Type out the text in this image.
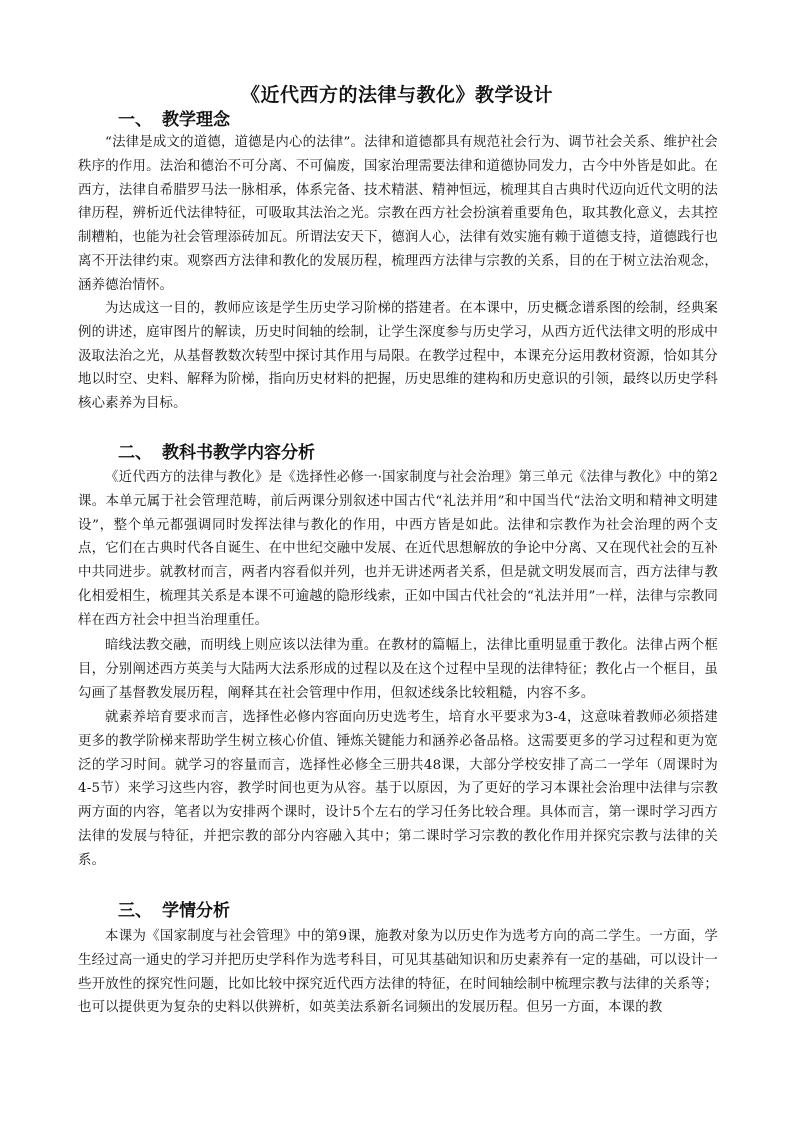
《近代西方的法律与教化》教学设计
一、 教学理念

“法律是成文的道德，道德是内心的法律”。法律和道德都具有规范社会行为、调节社会关系、维护社会秩序的作用。法治和德治不可分离、不可偏废，国家治理需要法律和道德协同发力，古今中外皆是如此。在西方，法律自希腊罗马法一脉相承，体系完备、技术精湛、精神恒远，梳理其自古典时代迈向近代文明的法律历程，辨析近代法律特征，可吸取其法治之光。宗教在西方社会扮演着重要角色，取其教化意义，去其控制糟粕，也能为社会管理添砖加瓦。所谓法安天下，德润人心，法律有效实施有赖于道德支持，道德践行也离不开法律约束。观察西方法律和教化的发展历程，梳理西方法律与宗教的关系，目的在于树立法治观念，涵养德治情怀。

为达成这一目的，教师应该是学生历史学习阶梯的搭建者。在本课中，历史概念谱系图的绘制，经典案例的讲述，庭审图片的解读，历史时间轴的绘制，让学生深度参与历史学习，从西方近代法律文明的形成中汲取法治之光，从基督教数次转型中探讨其作用与局限。在教学过程中，本课充分运用教材资源，恰如其分地以时空、史料、解释为阶梯，指向历史材料的把握，历史思维的建构和历史意识的引领，最终以历史学科核心素养为目标。

二、 教科书教学内容分析

《近代西方的法律与教化》是《选择性必修一·国家制度与社会治理》第三单元《法律与教化》中的第2课。本单元属于社会管理范畴，前后两课分别叙述中国古代“礼法并用”和中国当代“法治文明和精神文明建设”，整个单元都强调同时发挥法律与教化的作用，中西方皆是如此。法律和宗教作为社会治理的两个支点，它们在古典时代各自诞生、在中世纪交融中发展、在近代思想解放的争论中分离、又在现代社会的互补中共同进步。就教材而言，两者内容看似并列，也并无讲述两者关系，但是就文明发展而言，西方法律与教化相爱相生，梳理其关系是本课不可逾越的隐形线索，正如中国古代社会的“礼法并用”一样，法律与宗教同样在西方社会中担当治理重任。

暗线法教交融，而明线上则应该以法律为重。在教材的篇幅上，法律比重明显重于教化。法律占两个框目，分别阐述西方英美与大陆两大法系形成的过程以及在这个过程中呈现的法律特征；教化占一个框目，虽勾画了基督教发展历程，阐释其在社会管理中作用，但叙述线条比较粗糙，内容不多。

就素养培育要求而言，选择性必修内容面向历史选考生，培育水平要求为3-4，这意味着教师必须搭建更多的教学阶梯来帮助学生树立核心价值、锤炼关键能力和涵养必备品格。这需要更多的学习过程和更为宽泛的学习时间。就学习的容量而言，选择性必修全三册共48课，大部分学校安排了高二一学年（周课时为4-5节）来学习这些内容，教学时间也更为从容。基于以原因，为了更好的学习本课社会治理中法律与宗教两方面的内容，笔者以为安排两个课时，设计5个左右的学习任务比较合理。具体而言，第一课时学习西方法律的发展与特征，并把宗教的部分内容融入其中；第二课时学习宗教的教化作用并探究宗教与法律的关系。

三、 学情分析

本课为《国家制度与社会管理》中的第9课，施教对象为以历史作为选考方向的高二学生。一方面，学生经过高一通史的学习并把历史学科作为选考科目，可见其基础知识和历史素养有一定的基础，可以设计一些开放性的探究性问题，比如比较中探究近代西方法律的特征，在时间轴绘制中梳理宗教与法律的关系等；也可以提供更为复杂的史料以供辨析，如英美法系新名词频出的发展历程。但另一方面，本课的教
